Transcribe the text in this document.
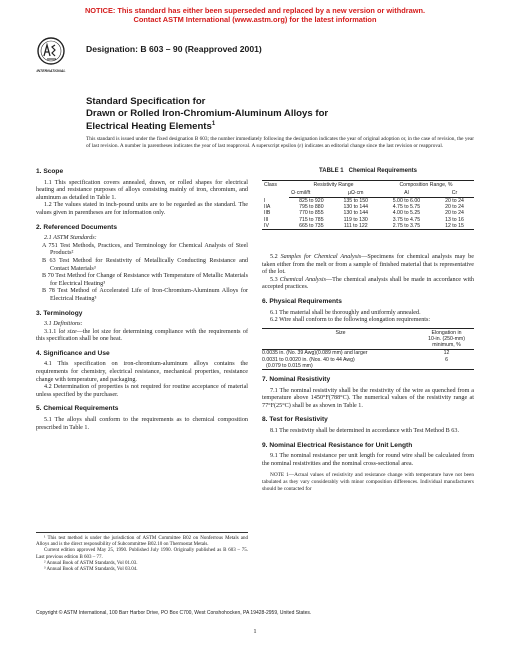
NOTICE: This standard has either been superseded and replaced by a new version or withdrawn.
Contact ASTM International (www.astm.org) for the latest information
INTERNATIONAL
Designation: B 603 – 90 (Reapproved 2001)
Standard Specification for
Drawn or Rolled Iron-Chromium-Aluminum Alloys for
Electrical Heating Elements$^1$
This standard is issued under the fixed designation B 603; the number immediately following the designation indicates the year of original adoption or, in the case of revision, the year of last revision. A number in parentheses indicates the year of last reapproval. A superscript epsilon (ε) indicates an editorial change since the last revision or reapproval.
1. Scope

1.1 This specification covers annealed, drawn, or rolled shapes for electrical heating and resistance purposes of alloys consisting mainly of iron, chromium, and aluminum as detailed in Table 1.

1.2 The values stated in inch-pound units are to be regarded as the standard. The values given in parentheses are for information only.

2. Referenced Documents

2.1 ASTM Standards:

A 751 Test Methods, Practices, and Terminology for Chemical Analysis of Steel Products²

B 63 Test Method for Resistivity of Metallically Conducting Resistance and Contact Materials³

B 70 Test Method for Change of Resistance with Temperature of Metallic Materials for Electrical Heating³

B 78 Test Method of Accelerated Life of Iron-Chromium-Aluminum Alloys for Electrical Heating³

3. Terminology

3.1 Definitions:

3.1.1 lot size—the lot size for determining compliance with the requirements of this specification shall be one heat.

4. Significance and Use

4.1 This specification on iron-chromium-aluminum alloys contains the requirements for chemistry, electrical resistance, mechanical properties, resistance change with temperature, and packaging.

4.2 Determination of properties is not required for routine acceptance of material unless specified by the purchaser.

5. Chemical Requirements

5.1 The alloys shall conform to the requirements as to chemical composition prescribed in Table 1.

¹ This test method is under the jurisdiction of ASTM Committee B02 on Nonferrous Metals and Alloys and is the direct responsibility of Subcommittee B02.10 on Thermostat Metals.

Current edition approved May 25, 1990. Published July 1990. Originally published as B 603 – 75. Last previous edition B 603 – 77.

² Annual Book of ASTM Standards, Vol 01.03.

³ Annual Book of ASTM Standards, Vol 03.04.

TABLE 1 Chemical Requirements
Class	Resistivity Range		Composition Range, %	
	Ω·cmil/ft	μΩ·cm	Al	Cr
I	825 to 920	135 to 150	5.00 to 6.00	20 to 24
IIA	795 to 880	130 to 144	4.75 to 5.75	20 to 24
IIB	770 to 855	130 to 144	4.00 to 5.25	20 to 24
III	715 to 785	119 to 130	3.75 to 4.75	13 to 16
IV	665 to 735	111 to 122	2.75 to 3.75	12 to 15

5.2 Samples for Chemical Analysis—Specimens for chemical analysis may be taken either from the melt or from a sample of finished material that is representative of the lot.

5.3 Chemical Analysis—The chemical analysis shall be made in accordance with accepted practices.

6. Physical Requirements

6.1 The material shall be thoroughly and uniformly annealed.

6.2 Wire shall conform to the following elongation requirements:

Size	Elongation in
10-in. (250-mm)
minimum, %

0.0035 in. (No. 39 Awg)(0.089 mm) and larger	12
0.0031 to 0.0020 in. (Nos. 40 to 44 Awg)	6
(0.079 to 0.015 mm)	
7. Nominal Resistivity

7.1 The nominal resistivity shall be the resistivity of the wire as quenched from a temperature above 1450°F(788°C). The numerical values of the resistivity range at 77°F(25°C) shall be as shown in Table 1.

8. Test for Resistivity

8.1 The resistivity shall be determined in accordance with Test Method B 63.

9. Nominal Electrical Resistance for Unit Length

9.1 The nominal resistance per unit length for round wire shall be calculated from the nominal resistivities and the nominal cross-sectional area.

NOTE 1—Actual values of resistivity and resistance change with temperature have not been tabulated as they vary considerably with minor composition differences. Individual manufacturers should be contacted for

Copyright © ASTM International, 100 Barr Harbor Drive, PO Box C700, West Conshohocken, PA 19428-2959, United States.
1
